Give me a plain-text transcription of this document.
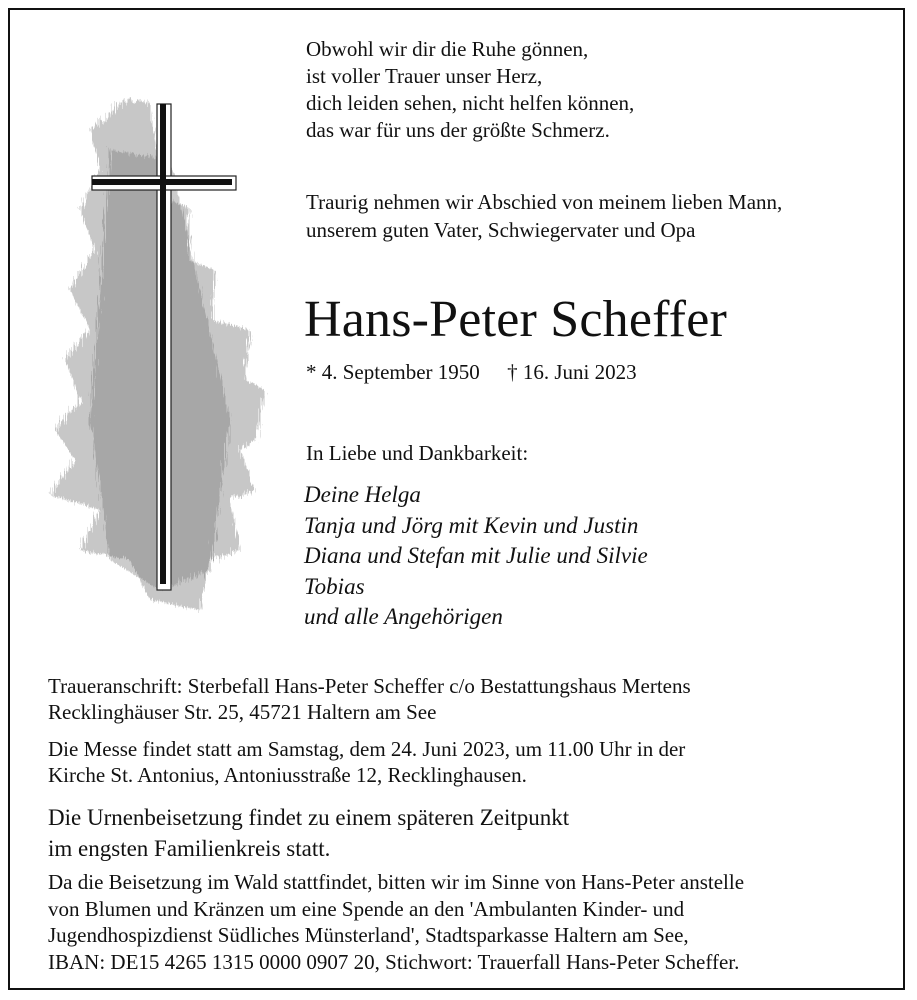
Obwohl wir dir die Ruhe gönnen,
ist voller Trauer unser Herz,
dich leiden sehen, nicht helfen können,
das war für uns der größte Schmerz.
Traurig nehmen wir Abschied von meinem lieben Mann,
unserem guten Vater, Schwiegervater und Opa
Hans-Peter Scheffer
* 4. September 1950 † 16. Juni 2023
In Liebe und Dankbarkeit:
Deine Helga
Tanja und Jörg mit Kevin und Justin
Diana und Stefan mit Julie und Silvie
Tobias
und alle Angehörigen
Traueranschrift: Sterbefall Hans-Peter Scheffer c/o Bestattungshaus Mertens
Recklinghäuser Str. 25, 45721 Haltern am See
Die Messe findet statt am Samstag, dem 24. Juni 2023, um 11.00 Uhr in der
Kirche St. Antonius, Antoniusstraße 12, Recklinghausen.
Die Urnenbeisetzung findet zu einem späteren Zeitpunkt
im engsten Familienkreis statt.
Da die Beisetzung im Wald stattfindet, bitten wir im Sinne von Hans-Peter anstelle
von Blumen und Kränzen um eine Spende an den 'Ambulanten Kinder- und
Jugendhospizdienst Südliches Münsterland', Stadtsparkasse Haltern am See,
IBAN: DE15 4265 1315 0000 0907 20, Stichwort: Trauerfall Hans-Peter Scheffer.
